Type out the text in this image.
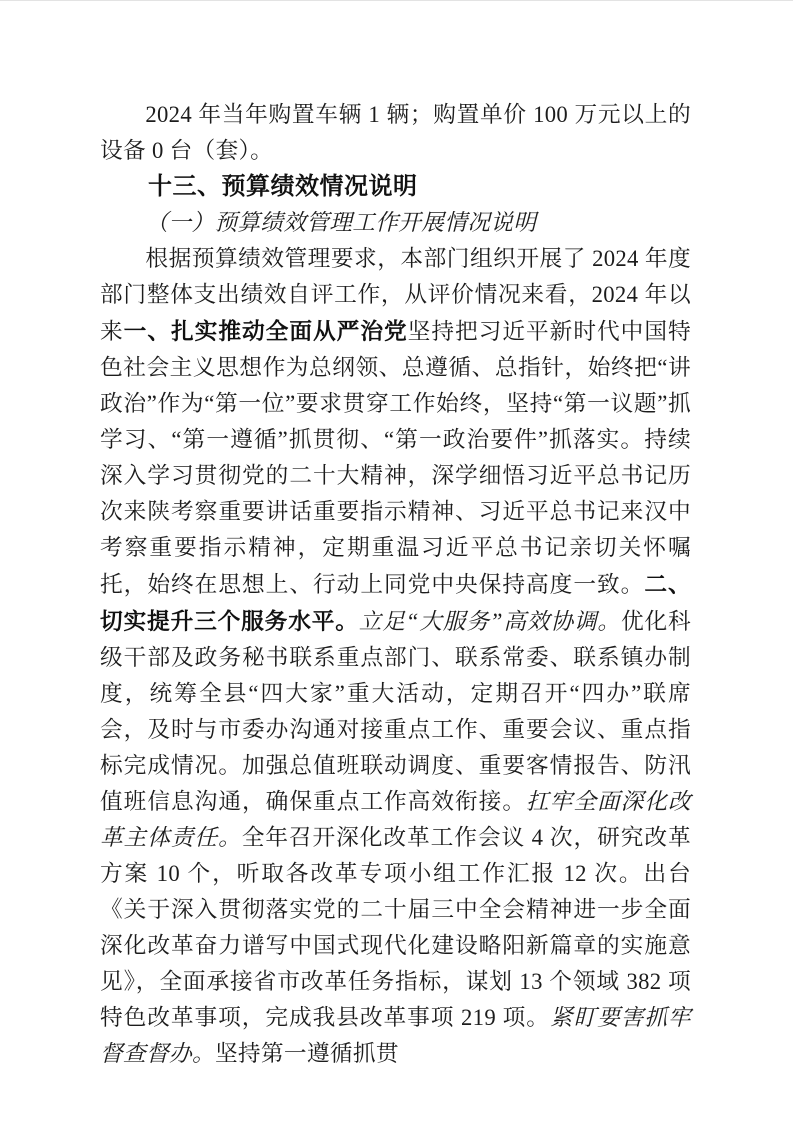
2024 年当年购置车辆 1 辆；购置单价 100 万元以上的设备 0 台（套）。

十三、预算绩效情况说明

（一）预算绩效管理工作开展情况说明

根据预算绩效管理要求，本部门组织开展了 2024 年度部门整体支出绩效自评工作，从评价情况来看，2024 年以来一、扎实推动全面从严治党坚持把习近平新时代中国特色社会主义思想作为总纲领、总遵循、总指针，始终把“讲政治”作为“第一位”要求贯穿工作始终，坚持“第一议题”抓学习、“第一遵循”抓贯彻、“第一政治要件”抓落实。持续深入学习贯彻党的二十大精神，深学细悟习近平总书记历次来陕考察重要讲话重要指示精神、习近平总书记来汉中考察重要指示精神，定期重温习近平总书记亲切关怀嘱托，始终在思想上、行动上同党中央保持高度一致。二、切实提升三个服务水平。立足“大服务”高效协调。优化科级干部及政务秘书联系重点部门、联系常委、联系镇办制度，统筹全县“四大家”重大活动，定期召开“四办”联席会，及时与市委办沟通对接重点工作、重要会议、重点指标完成情况。加强总值班联动调度、重要客情报告、防汛值班信息沟通，确保重点工作高效衔接。扛牢全面深化改革主体责任。全年召开深化改革工作会议 4 次，研究改革方案 10 个，听取各改革专项小组工作汇报 12 次。出台《关于深入贯彻落实党的二十届三中全会精神进一步全面深化改革奋力谱写中国式现代化建设略阳新篇章的实施意见》，全面承接省市改革任务指标，谋划 13 个领域 382 项特色改革事项，完成我县改革事项 219 项。紧盯要害抓牢督查督办。坚持第一遵循抓贯
